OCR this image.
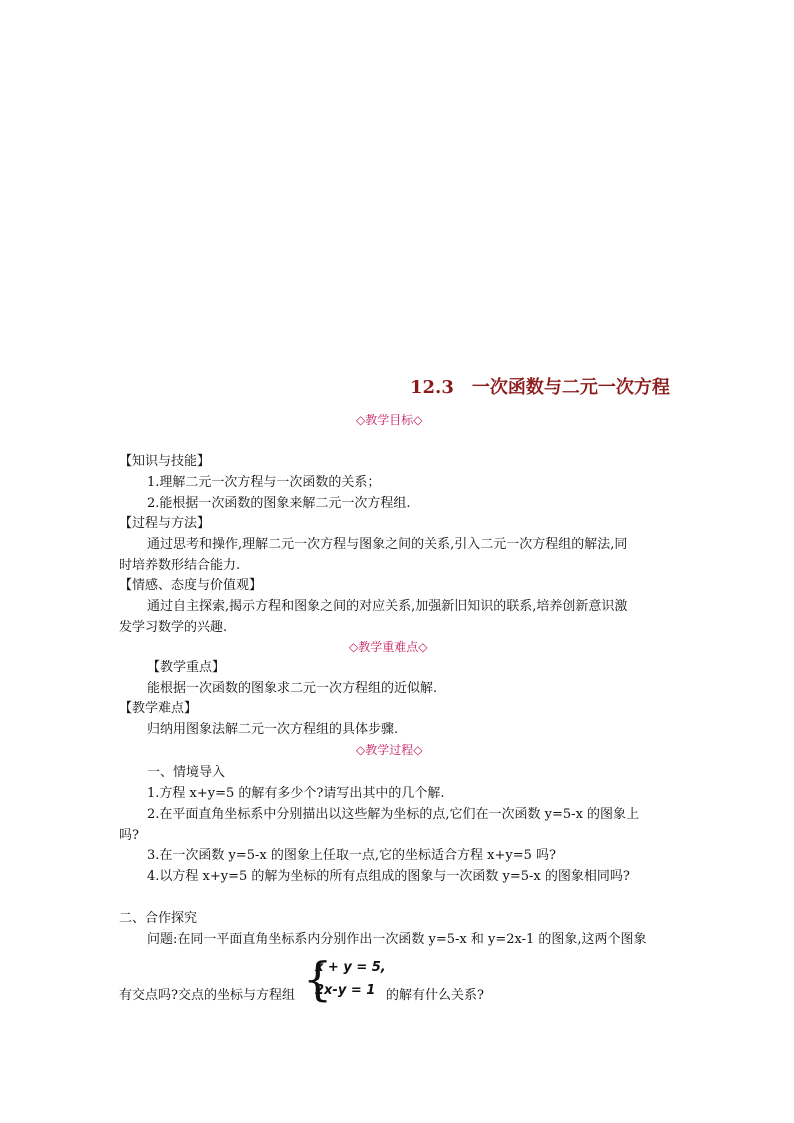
12.3　一次函数与二元一次方程
◇教学目标◇
【知识与技能】
1.理解二元一次方程与一次函数的关系；
2.能根据一次函数的图象来解二元一次方程组.
【过程与方法】
通过思考和操作,理解二元一次方程与图象之间的关系,引入二元一次方程组的解法,同
时培养数形结合能力.
【情感、态度与价值观】
通过自主探索,揭示方程和图象之间的对应关系,加强新旧知识的联系,培养创新意识激
发学习数学的兴趣.
◇教学重难点◇
【教学重点】
能根据一次函数的图象求二元一次方程组的近似解.
【教学难点】
归纳用图象法解二元一次方程组的具体步骤.
◇教学过程◇
一、情境导入
1.方程 x+y=5 的解有多少个?请写出其中的几个解.
2.在平面直角坐标系中分别描出以这些解为坐标的点,它们在一次函数 y=5-x 的图象上
吗?
3.在一次函数 y=5-x 的图象上任取一点,它的坐标适合方程 x+y=5 吗?
4.以方程 x+y=5 的解为坐标的所有点组成的图象与一次函数 y=5-x 的图象相同吗?
二、合作探究
问题:在同一平面直角坐标系内分别作出一次函数 y=5-x 和 y=2x-1 的图象,这两个图象
{
x + y = 5,
2x-y = 1
有交点吗?交点的坐标与方程组	的解有什么关系?
